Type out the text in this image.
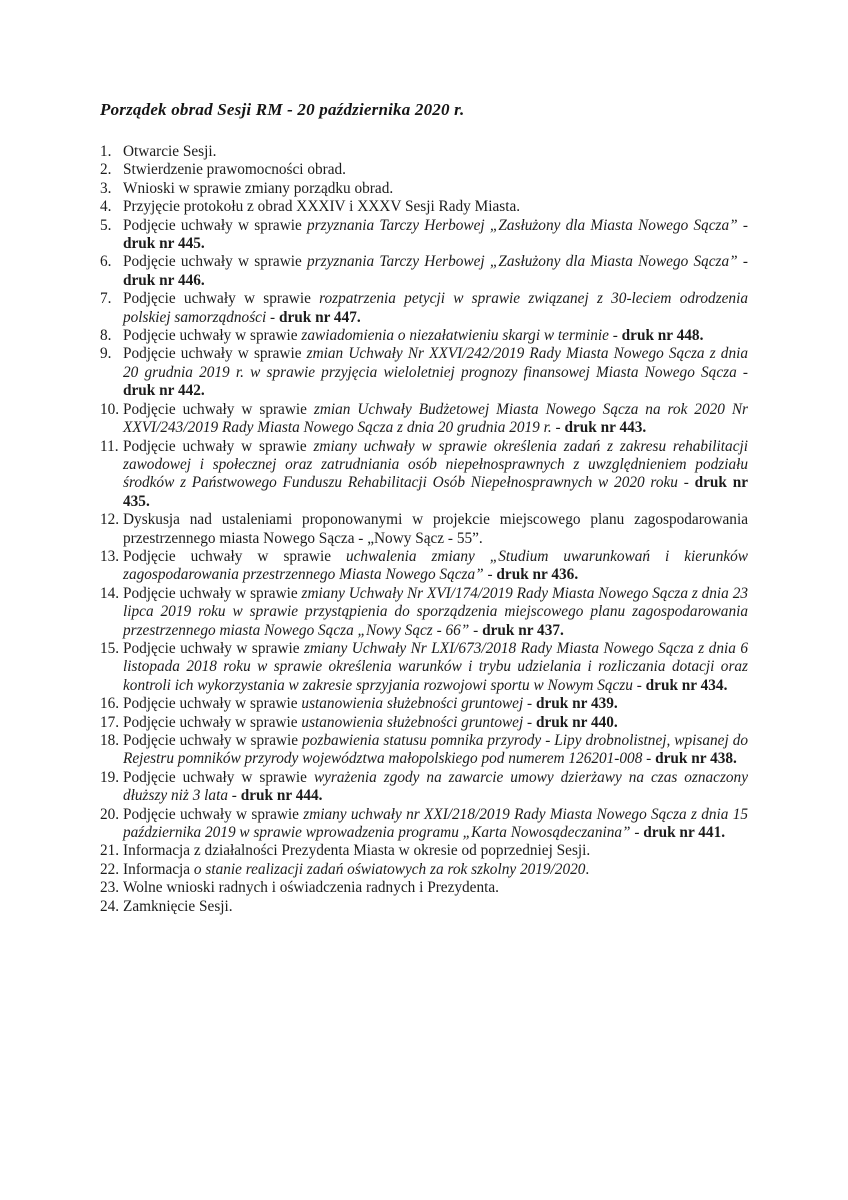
Porządek obrad Sesji RM - 20 października 2020 r.
1. Otwarcie Sesji.
2. Stwierdzenie prawomocności obrad.
3. Wnioski w sprawie zmiany porządku obrad.
4. Przyjęcie protokołu z obrad XXXIV i XXXV Sesji Rady Miasta.
5. Podjęcie uchwały w sprawie przyznania Tarczy Herbowej „Zasłużony dla Miasta Nowego Sącza” - druk nr 445.
6. Podjęcie uchwały w sprawie przyznania Tarczy Herbowej „Zasłużony dla Miasta Nowego Sącza” - druk nr 446.
7. Podjęcie uchwały w sprawie rozpatrzenia petycji w sprawie związanej z 30-leciem odrodzenia polskiej samorządności - druk nr 447.
8. Podjęcie uchwały w sprawie zawiadomienia o niezałatwieniu skargi w terminie - druk nr 448.
9. Podjęcie uchwały w sprawie zmian Uchwały Nr XXVI/242/2019 Rady Miasta Nowego Sącza z dnia 20 grudnia 2019 r. w sprawie przyjęcia wieloletniej prognozy finansowej Miasta Nowego Sącza - druk nr 442.
10. Podjęcie uchwały w sprawie zmian Uchwały Budżetowej Miasta Nowego Sącza na rok 2020 Nr XXVI/243/2019 Rady Miasta Nowego Sącza z dnia 20 grudnia 2019 r. - druk nr 443.
11. Podjęcie uchwały w sprawie zmiany uchwały w sprawie określenia zadań z zakresu rehabilitacji zawodowej i społecznej oraz zatrudniania osób niepełnosprawnych z uwzględnieniem podziału środków z Państwowego Funduszu Rehabilitacji Osób Niepełnosprawnych w 2020 roku - druk nr 435.
12. Dyskusja nad ustaleniami proponowanymi w projekcie miejscowego planu zagospodarowania przestrzennego miasta Nowego Sącza - „Nowy Sącz - 55”.
13. Podjęcie uchwały w sprawie uchwalenia zmiany „Studium uwarunkowań i kierunków zagospodarowania przestrzennego Miasta Nowego Sącza” - druk nr 436.
14. Podjęcie uchwały w sprawie zmiany Uchwały Nr XVI/174/2019 Rady Miasta Nowego Sącza z dnia 23 lipca 2019 roku w sprawie przystąpienia do sporządzenia miejscowego planu zagospodarowania przestrzennego miasta Nowego Sącza „Nowy Sącz - 66” - druk nr 437.
15. Podjęcie uchwały w sprawie zmiany Uchwały Nr LXI/673/2018 Rady Miasta Nowego Sącza z dnia 6 listopada 2018 roku w sprawie określenia warunków i trybu udzielania i rozliczania dotacji oraz kontroli ich wykorzystania w zakresie sprzyjania rozwojowi sportu w Nowym Sączu - druk nr 434.
16. Podjęcie uchwały w sprawie ustanowienia służebności gruntowej - druk nr 439.
17. Podjęcie uchwały w sprawie ustanowienia służebności gruntowej - druk nr 440.
18. Podjęcie uchwały w sprawie pozbawienia statusu pomnika przyrody - Lipy drobnolistnej, wpisanej do Rejestru pomników przyrody województwa małopolskiego pod numerem 126201-008 - druk nr 438.
19. Podjęcie uchwały w sprawie wyrażenia zgody na zawarcie umowy dzierżawy na czas oznaczony dłuższy niż 3 lata - druk nr 444.
20. Podjęcie uchwały w sprawie zmiany uchwały nr XXI/218/2019 Rady Miasta Nowego Sącza z dnia 15 października 2019 w sprawie wprowadzenia programu „Karta Nowosądeczanina” - druk nr 441.
21. Informacja z działalności Prezydenta Miasta w okresie od poprzedniej Sesji.
22. Informacja o stanie realizacji zadań oświatowych za rok szkolny 2019/2020.
23. Wolne wnioski radnych i oświadczenia radnych i Prezydenta.
24. Zamknięcie Sesji.
